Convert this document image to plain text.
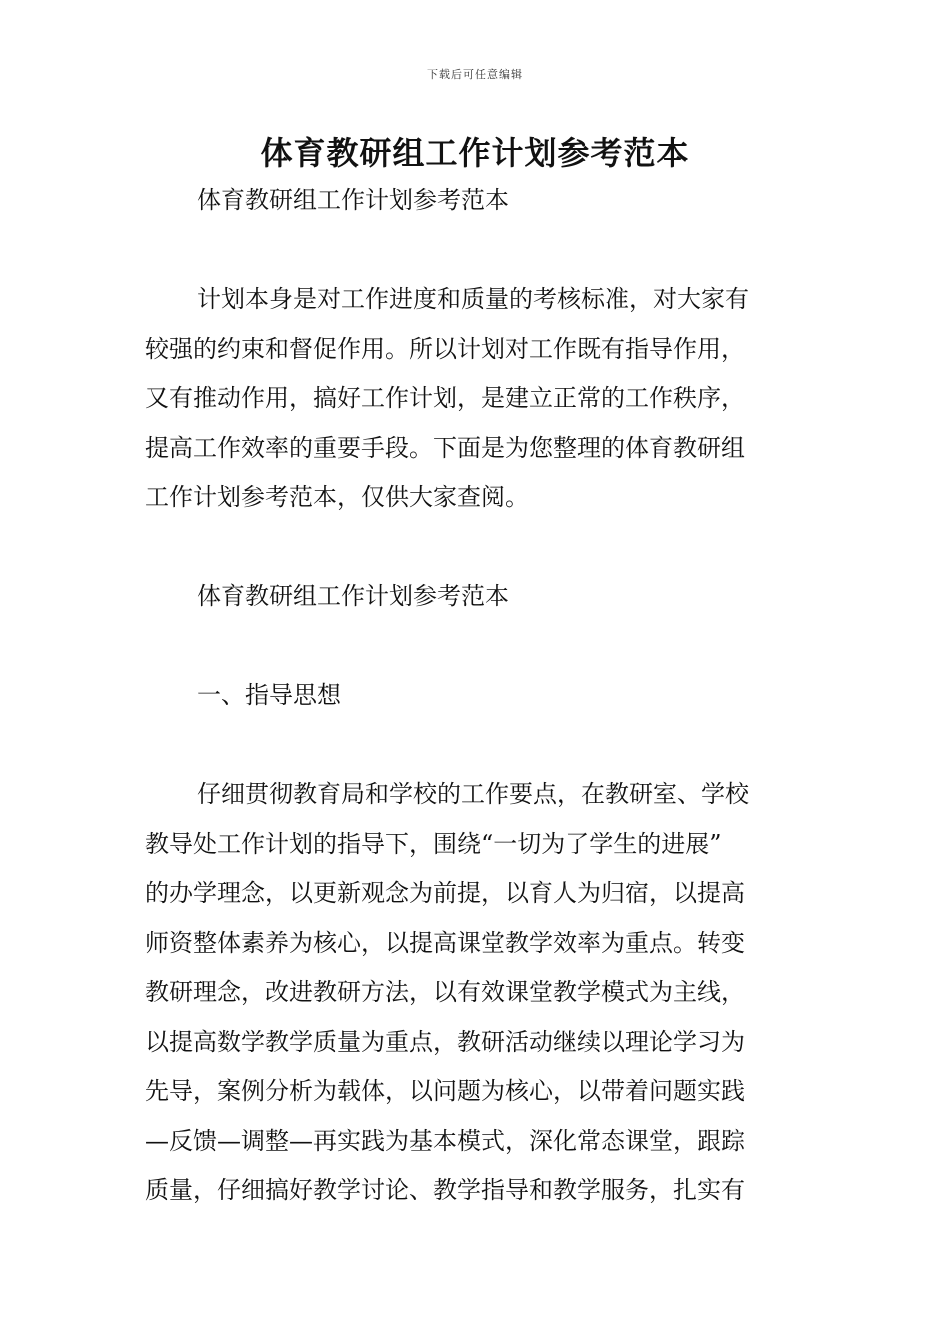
下载后可任意编辑
体育教研组工作计划参考范本
体育教研组工作计划参考范本
计划本身是对工作进度和质量的考核标准，对大家有
较强的约束和督促作用。所以计划对工作既有指导作用，
又有推动作用，搞好工作计划，是建立正常的工作秩序，
提高工作效率的重要手段。下面是为您整理的体育教研组
工作计划参考范本，仅供大家查阅。
体育教研组工作计划参考范本
一、指导思想
仔细贯彻教育局和学校的工作要点，在教研室、学校
教导处工作计划的指导下，围绕“一切为了学生的进展”
的办学理念，以更新观念为前提，以育人为归宿，以提高
师资整体素养为核心，以提高课堂教学效率为重点。转变
教研理念，改进教研方法，以有效课堂教学模式为主线，
以提高数学教学质量为重点，教研活动继续以理论学习为
先导，案例分析为载体，以问题为核心，以带着问题实践
—反馈—调整—再实践为基本模式，深化常态课堂，跟踪
质量，仔细搞好教学讨论、教学指导和教学服务，扎实有
